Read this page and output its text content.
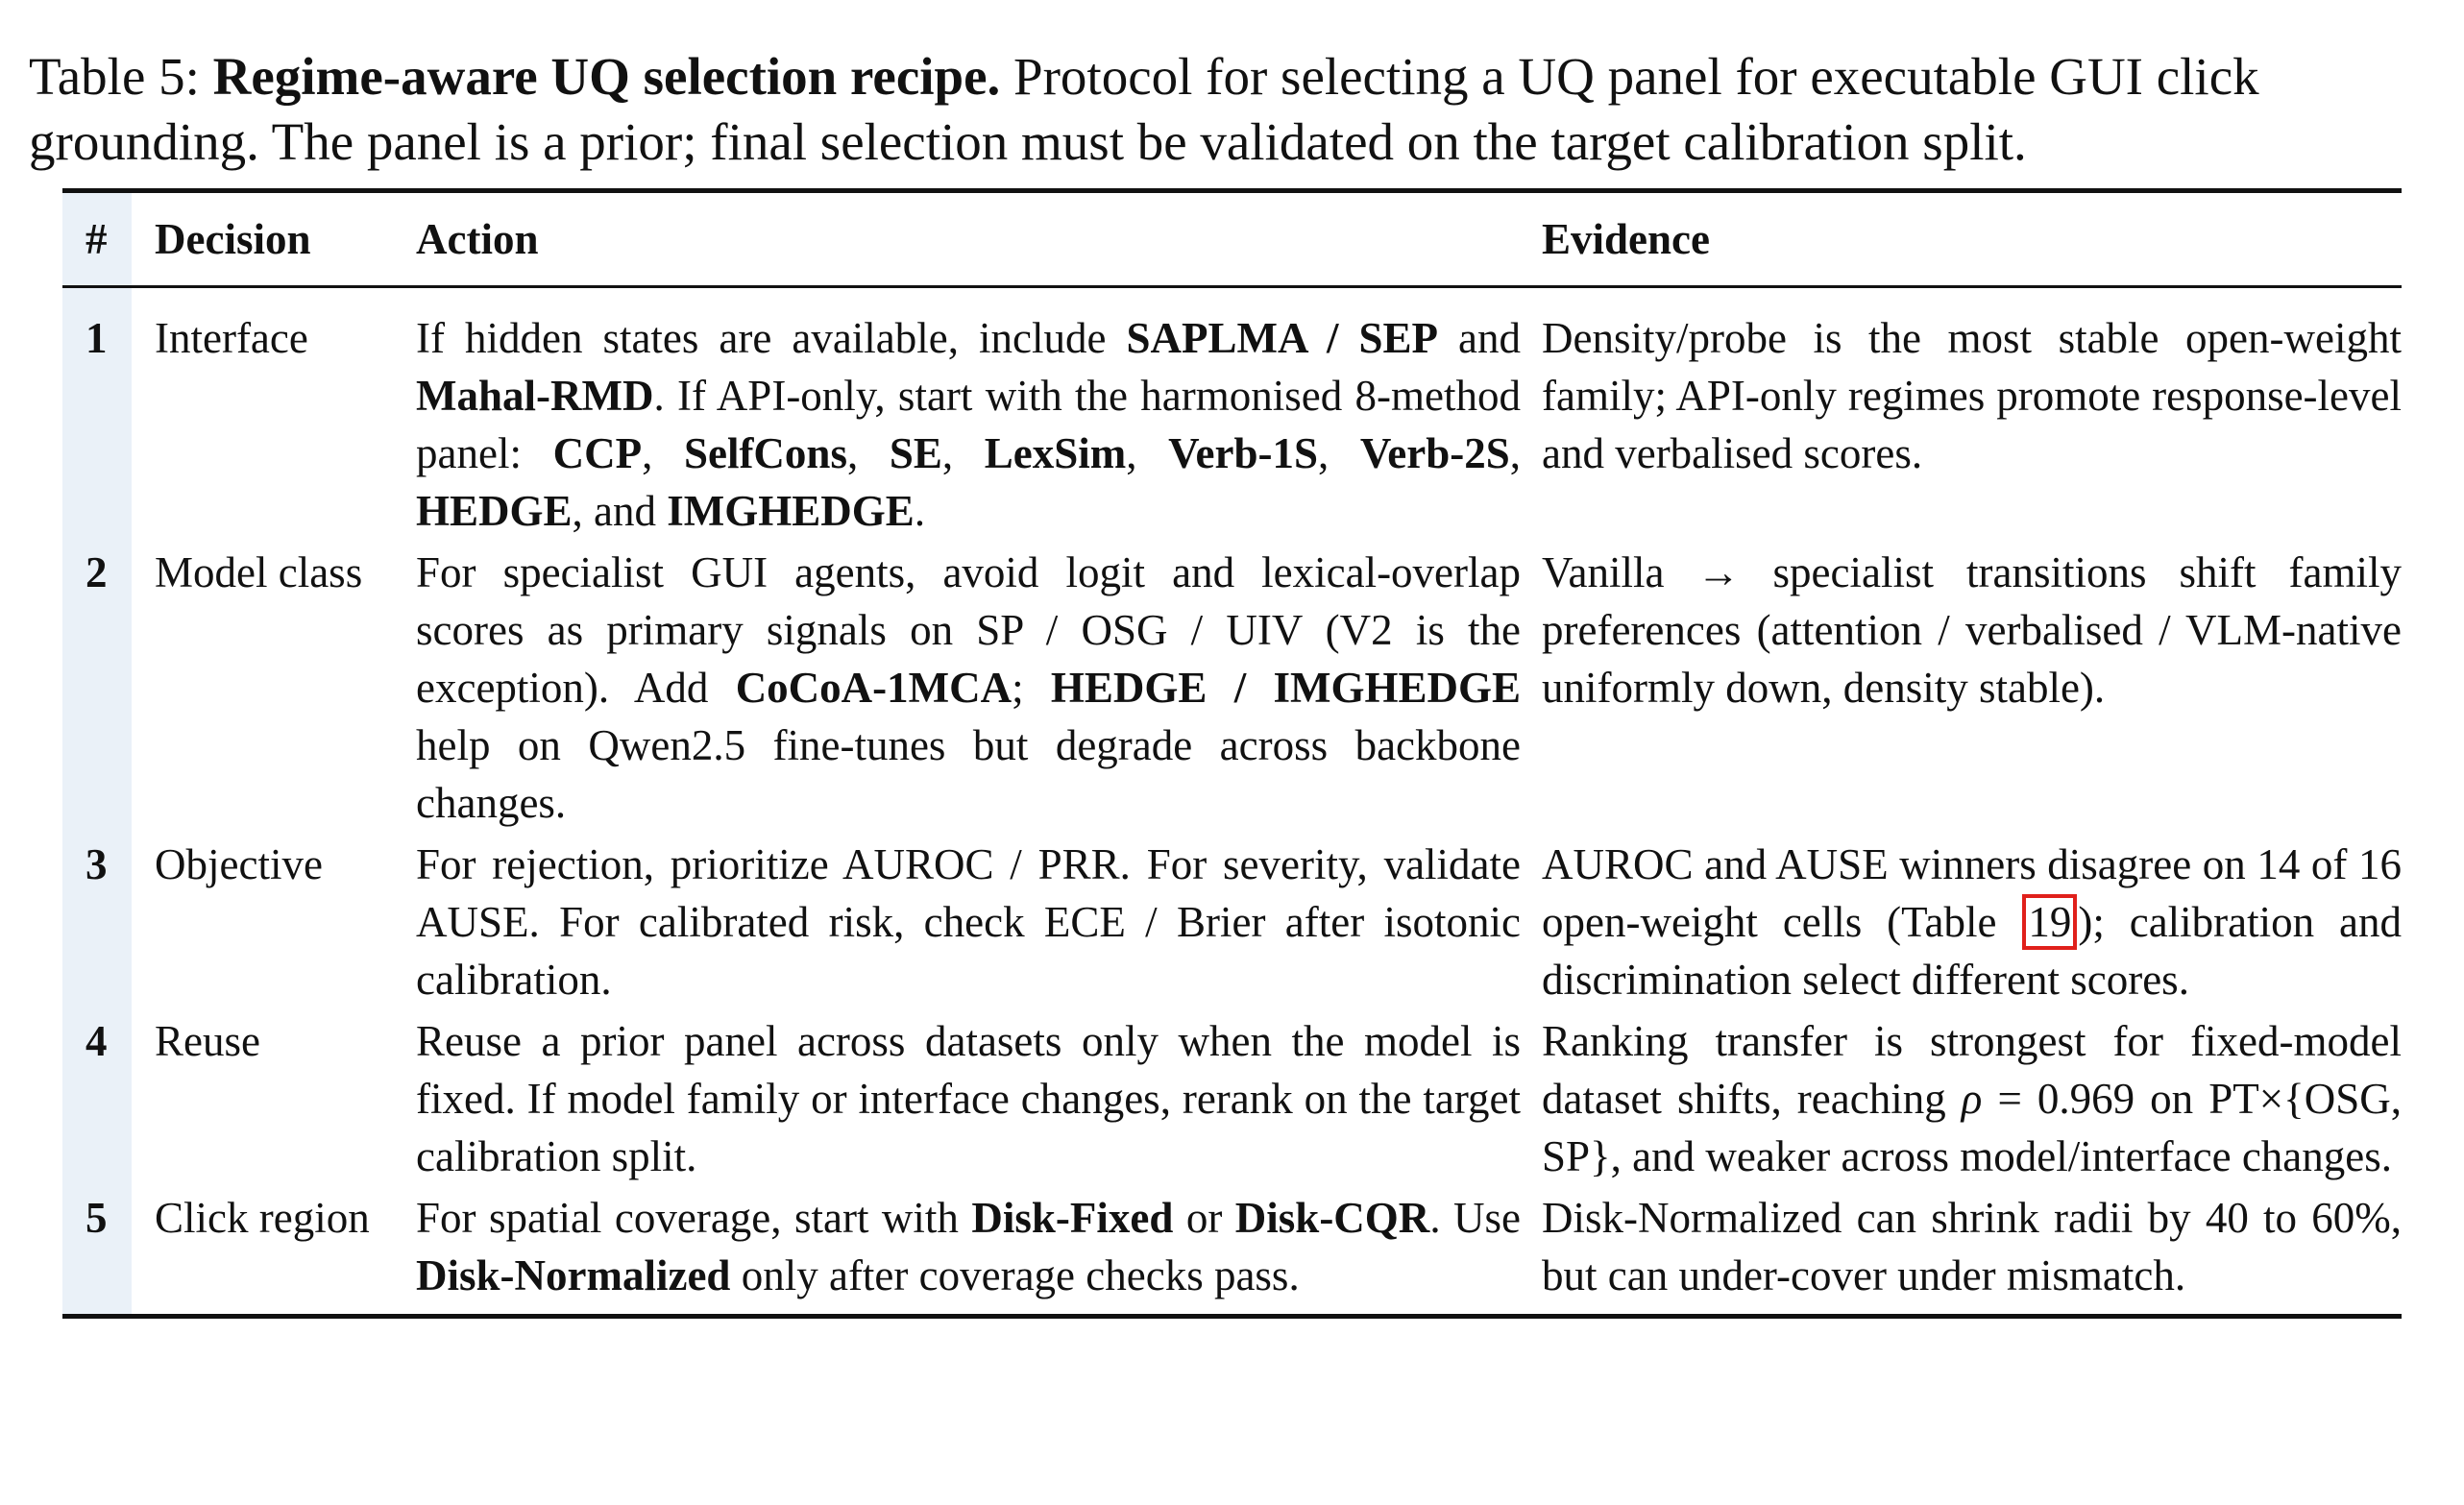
Table 5: Regime-aware UQ selection recipe. Protocol for selecting a UQ panel for executable GUI click grounding. The panel is a prior; final selection must be validated on the target calibration split.

#	Decision	Action	Evidence
1	Interface	If hidden states are available, include SAPLMA / SEP and Mahal-RMD. If API-only, start with the harmonised 8-method panel: CCP, SelfCons, SE, LexSim, Verb-1S, Verb-2S, HEDGE, and IMGHEDGE.	Density/probe is the most stable open-weight family; API-only regimes promote response-level and verbalised scores.
2	Model class	For specialist GUI agents, avoid logit and lexical-overlap scores as primary signals on SP / OSG / UIV (V2 is the exception). Add CoCoA-1MCA; HEDGE / IMGHEDGE help on Qwen2.5 fine-tunes but degrade across backbone changes.	Vanilla → specialist transitions shift family preferences (attention / verbalised / VLM-native uniformly down, density stable).
3	Objective	For rejection, prioritize AUROC / PRR. For severity, validate AUSE. For calibrated risk, check ECE / Brier after isotonic calibration.	AUROC and AUSE winners disagree on 14 of 16 open-weight cells (Table 19 ); calibration and discrimination select different scores.
4	Reuse	Reuse a prior panel across datasets only when the model is fixed. If model family or interface changes, rerank on the target calibration split.	Ranking transfer is strongest for fixed-model dataset shifts, reaching ρ = 0.969 on PT×{OSG, SP}, and weaker across model/interface changes.
5	Click region	For spatial coverage, start with Disk-Fixed or Disk-CQR. Use Disk-Normalized only after coverage checks pass.	Disk-Normalized can shrink radii by 40 to 60%, but can under-cover under mismatch.
